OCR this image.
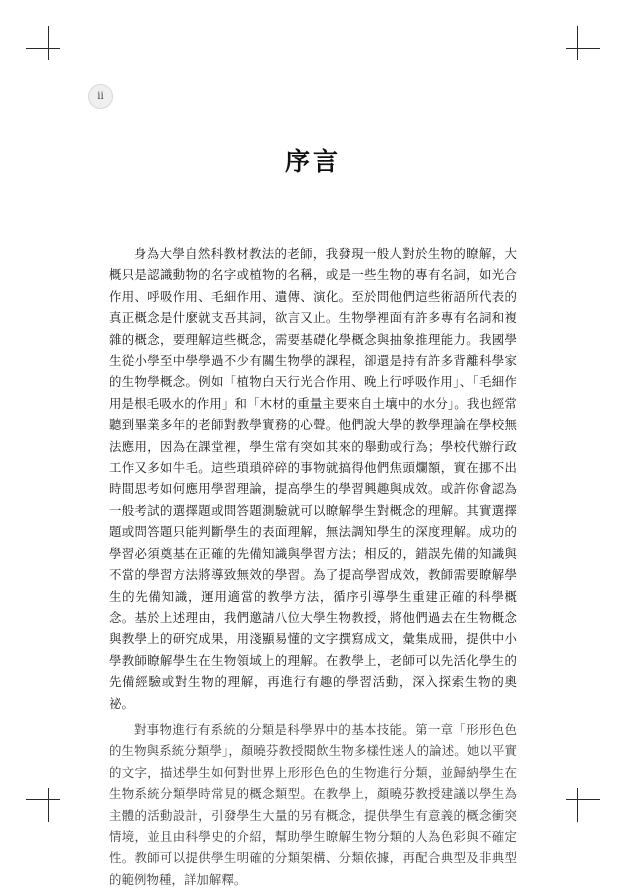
ii
序言

身為大學自然科教材教法的老師，我發現一般人對於生物的瞭解，大概只是認識動物的名字或植物的名稱，或是一些生物的專有名詞，如光合作用、呼吸作用、毛細作用、遺傳、演化。至於問他們這些術語所代表的真正概念是什麼就支吾其詞，欲言又止。生物學裡面有許多專有名詞和複雜的概念，要理解這些概念，需要基礎化學概念與抽象推理能力。我國學生從小學至中學學過不少有關生物學的課程，卻還是持有許多背離科學家的生物學概念。例如「植物白天行光合作用、晚上行呼吸作用」、「毛細作用是根毛吸水的作用」和「木材的重量主要來自土壤中的水分」。我也經常聽到畢業多年的老師對教學實務的心聲。他們說大學的教學理論在學校無法應用，因為在課堂裡，學生常有突如其來的舉動或行為；學校代辦行政工作又多如牛毛。這些瑣瑣碎碎的事物就搞得他們焦頭爛額，實在挪不出時間思考如何應用學習理論，提高學生的學習興趣與成效。或許你會認為一般考試的選擇題或問答題測驗就可以瞭解學生對概念的理解。其實選擇題或問答題只能判斷學生的表面理解，無法調知學生的深度理解。成功的學習必須奠基在正確的先備知識與學習方法；相反的，錯誤先備的知識與不當的學習方法將導致無效的學習。為了提高學習成效，教師需要瞭解學生的先備知識，運用適當的教學方法，循序引導學生重建正確的科學概念。基於上述理由，我們邀請八位大學生物教授，將他們過去在生物概念與教學上的研究成果，用淺顯易懂的文字撰寫成文，彙集成冊，提供中小學教師瞭解學生在生物領域上的理解。在教學上，老師可以先活化學生的先備經驗或對生物的理解，再進行有趣的學習活動，深入探索生物的奧祕。

對事物進行有系統的分類是科學界中的基本技能。第一章「形形色色的生物與系統分類學」，顏曉芬教授閱飲生物多樣性迷人的論述。她以平實的文字，描述學生如何對世界上形形色色的生物進行分類，並歸納學生在生物系統分類學時常見的概念類型。在教學上，顏曉芬教授建議以學生為主體的活動設計，引發學生大量的另有概念，提供學生有意義的概念衝突情境，並且由科學史的介紹，幫助學生瞭解生物分類的人為色彩與不確定性。教師可以提供學生明確的分類架構、分類依據，再配合典型及非典型的範例物種，詳加解釋。
